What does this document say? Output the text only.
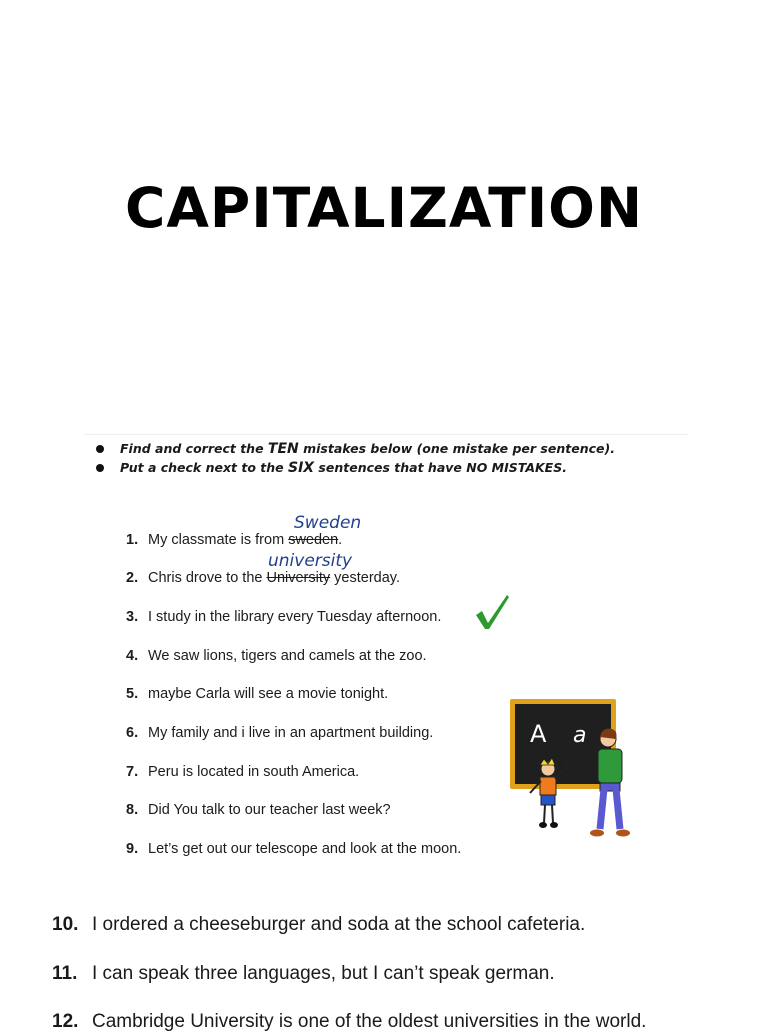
CAPITALIZATION
Find and correct the TEN mistakes below (one mistake per sentence).
Put a check next to the SIX sentences that have NO MISTAKES.
Sweden
university
1. My classmate is from sweden.
2. Chris drove to the University yesterday.
3. I study in the library every Tuesday afternoon.
4. We saw lions, tigers and camels at the zoo.
5. maybe Carla will see a movie tonight.
6. My family and i live in an apartment building.
7. Peru is located in south America.
8. Did You talk to our teacher last week?
9. Let’s get out our telescope and look at the moon.
A a
10. I ordered a cheeseburger and soda at the school cafeteria.
11. I can speak three languages, but I can’t speak german.
12. Cambridge University is one of the oldest universities in the world.
